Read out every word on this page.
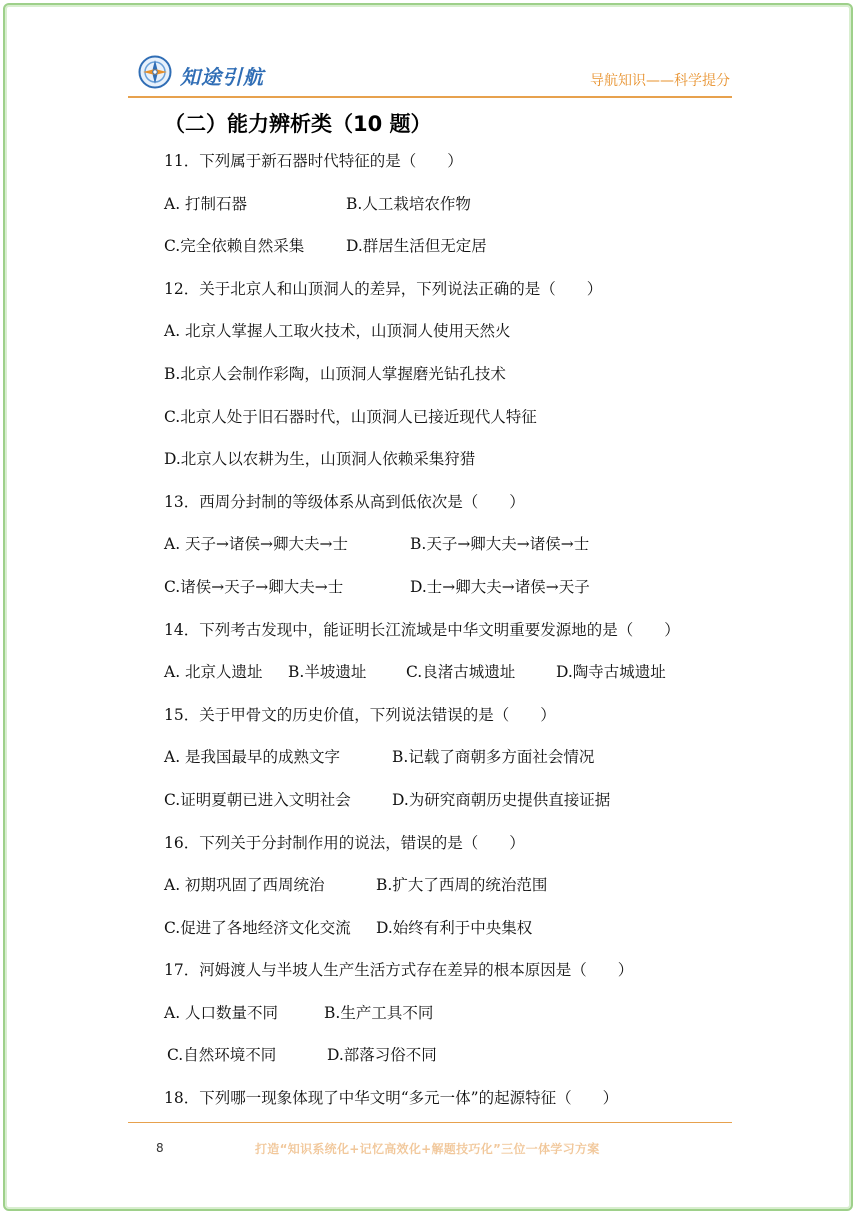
知途引航	导航知识——科学提分
（二）能力辨析类（10 题）
11．下列属于新石器时代特征的是（　　）
A. 打制石器	B.人工栽培农作物
C.完全依赖自然采集	D.群居生活但无定居
12．关于北京人和山顶洞人的差异，下列说法正确的是（　　）
A. 北京人掌握人工取火技术，山顶洞人使用天然火
B.北京人会制作彩陶，山顶洞人掌握磨光钻孔技术
C.北京人处于旧石器时代，山顶洞人已接近现代人特征
D.北京人以农耕为生，山顶洞人依赖采集狩猎
13．西周分封制的等级体系从高到低依次是（　　）
A. 天子→诸侯→卿大夫→士	B.天子→卿大夫→诸侯→士
C.诸侯→天子→卿大夫→士	D.士→卿大夫→诸侯→天子
14．下列考古发现中，能证明长江流域是中华文明重要发源地的是（　　）
A. 北京人遗址 B.半坡遗址	C.良渚古城遗址	D.陶寺古城遗址
15．关于甲骨文的历史价值，下列说法错误的是（　　）
A. 是我国最早的成熟文字	B.记载了商朝多方面社会情况
C.证明夏朝已进入文明社会	D.为研究商朝历史提供直接证据
16．下列关于分封制作用的说法，错误的是（　　）
A. 初期巩固了西周统治	B.扩大了西周的统治范围
C.促进了各地经济文化交流 D.始终有利于中央集权
17．河姆渡人与半坡人生产生活方式存在差异的根本原因是（　　）
A. 人口数量不同	B.生产工具不同
C.自然环境不同	D.部落习俗不同
18．下列哪一现象体现了中华文明“多元一体”的起源特征（　　）
8	打造“知识系统化+记忆高效化+解题技巧化”三位一体学习方案
